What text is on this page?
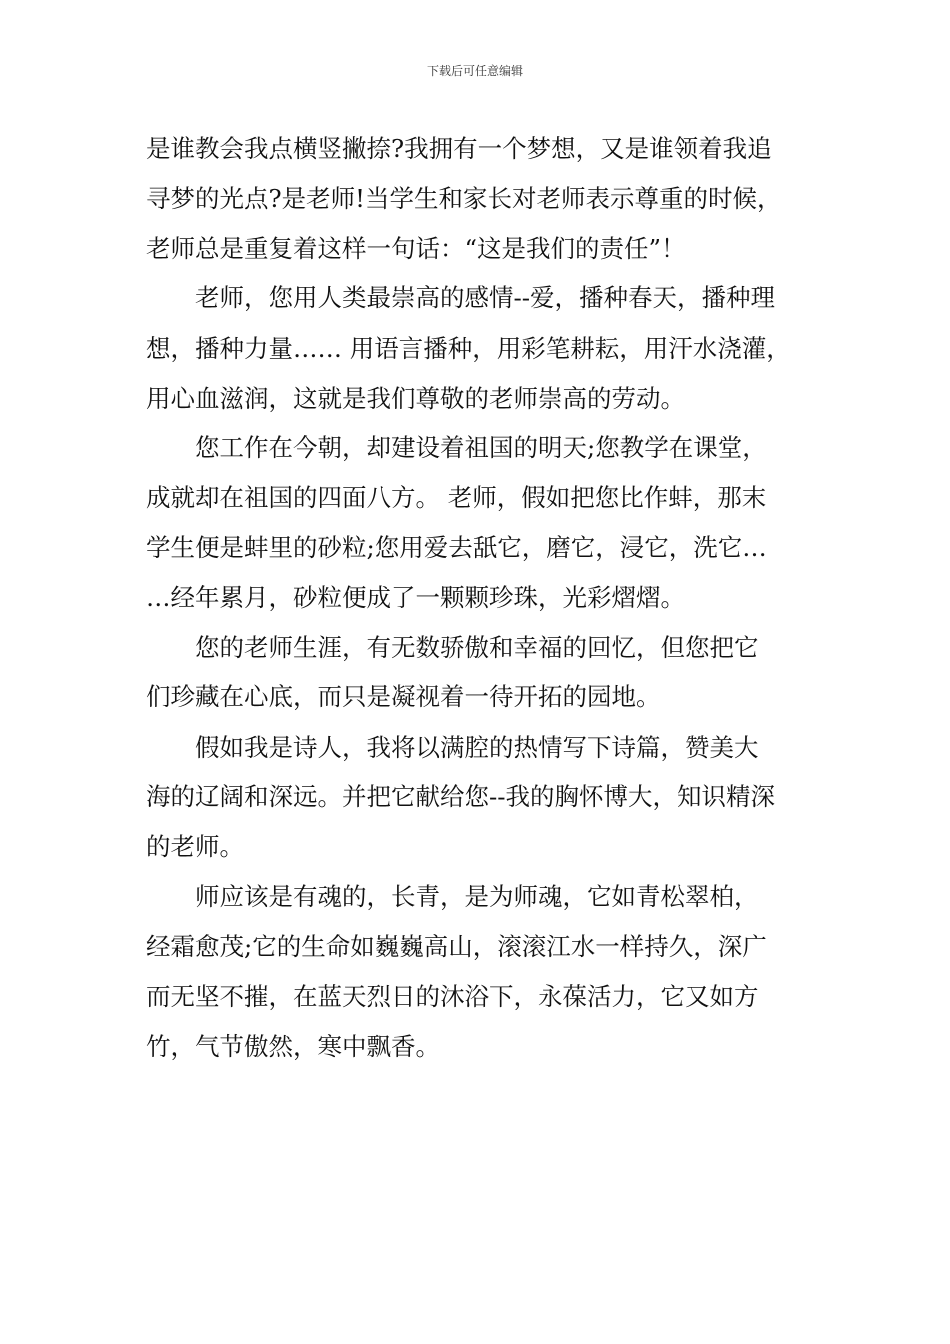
下载后可任意编辑
是谁教会我点横竖撇捺?我拥有一个梦想，又是谁领着我追
寻梦的光点?是老师!当学生和家长对老师表示尊重的时候，
老师总是重复着这样一句话：“这是我们的责任”！
老师，您用人类最崇高的感情--爱，播种春天，播种理
想，播种力量…… 用语言播种，用彩笔耕耘，用汗水浇灌，
用心血滋润，这就是我们尊敬的老师崇高的劳动。
您工作在今朝，却建设着祖国的明天;您教学在课堂，
成就却在祖国的四面八方。 老师，假如把您比作蚌，那末
学生便是蚌里的砂粒;您用爱去舐它，磨它，浸它，洗它…
…经年累月，砂粒便成了一颗颗珍珠，光彩熠熠。
您的老师生涯，有无数骄傲和幸福的回忆，但您把它
们珍藏在心底，而只是凝视着一待开拓的园地。
假如我是诗人，我将以满腔的热情写下诗篇，赞美大
海的辽阔和深远。并把它献给您--我的胸怀博大，知识精深
的老师。
师应该是有魂的，长青，是为师魂，它如青松翠柏，
经霜愈茂;它的生命如巍巍高山，滚滚江水一样持久，深广
而无坚不摧，在蓝天烈日的沐浴下，永葆活力，它又如方
竹，气节傲然，寒中飘香。
